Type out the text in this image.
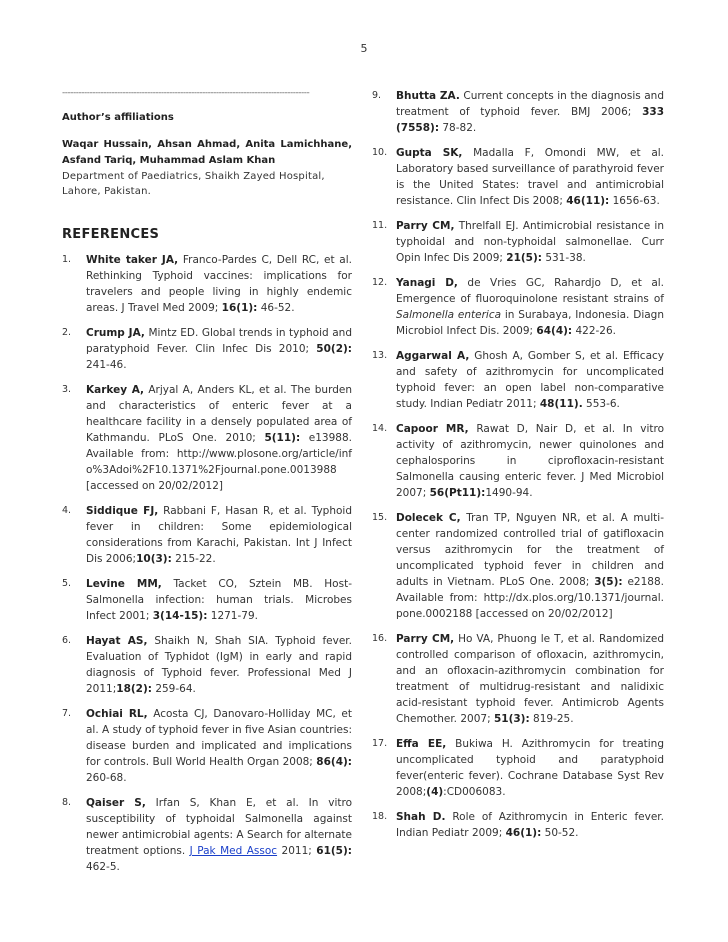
5
------------------------------------------------------------------------------------------
Author’s affiliations
Waqar Hussain, Ahsan Ahmad, Anita Lamichhane, Asfand Tariq, Muhammad Aslam Khan
Department of Paediatrics, Shaikh Zayed Hospital, Lahore, Pakistan.
REFERENCES
1.	White taker JA, Franco-Pardes C, Dell RC, et al. Rethinking Typhoid vaccines: implications for travelers and people living in highly endemic areas. J Travel Med 2009; 16(1): 46-52.
2.	Crump JA, Mintz ED. Global trends in typhoid and paratyphoid Fever. Clin Infec Dis 2010; 50(2): 241-46.
3.	Karkey A, Arjyal A, Anders KL, et al. The burden and characteristics of enteric fever at a healthcare facility in a densely populated area of Kathmandu. PLoS One. 2010; 5(11): e13988. Available from: http://www.plosone.org/article/info%3Adoi%2F10.1371%2Fjournal.pone.0013988 [accessed on 20/02/2012]
4.	Siddique FJ, Rabbani F, Hasan R, et al. Typhoid fever in children: Some epidemiological considerations from Karachi, Pakistan. Int J Infect Dis 2006;10(3): 215-22.
5.	Levine MM, Tacket CO, Sztein MB. Host-Salmonella infection: human trials. Microbes Infect 2001; 3(14-15): 1271-79.
6.	Hayat AS, Shaikh N, Shah SIA. Typhoid fever. Evaluation of Typhidot (IgM) in early and rapid diagnosis of Typhoid fever. Professional Med J 2011;18(2): 259-64.
7.	Ochiai RL, Acosta CJ, Danovaro-Holliday MC, et al. A study of typhoid fever in five Asian countries: disease burden and implicated and implications for controls. Bull World Health Organ 2008; 86(4): 260-68.
8.	Qaiser S, Irfan S, Khan E, et al. In vitro susceptibility of typhoidal Salmonella against newer antimicrobial agents: A Search for alternate treatment options. J Pak Med Assoc 2011; 61(5): 462-5.
9.	Bhutta ZA. Current concepts in the diagnosis and treatment of typhoid fever. BMJ 2006; 333 (7558): 78-82.
10. Gupta SK, Madalla F, Omondi MW, et al. Laboratory based surveillance of parathyroid fever is the United States: travel and antimicrobial resistance. Clin Infect Dis 2008; 46(11): 1656-63.
11. Parry CM, Threlfall EJ. Antimicrobial resistance in typhoidal and non-typhoidal salmonellae. Curr Opin Infec Dis 2009; 21(5): 531-38.
12. Yanagi D, de Vries GC, Rahardjo D, et al. Emergence of fluoroquinolone resistant strains of Salmonella enterica in Surabaya, Indonesia. Diagn Microbiol Infect Dis. 2009; 64(4): 422-26.
13. Aggarwal A, Ghosh A, Gomber S, et al. Efficacy and safety of azithromycin for uncomplicated typhoid fever: an open label non-comparative study. Indian Pediatr 2011; 48(11). 553-6.
14. Capoor MR, Rawat D, Nair D, et al. In vitro activity of azithromycin, newer quinolones and cephalosporins in ciprofloxacin-resistant Salmonella causing enteric fever. J Med Microbiol 2007; 56(Pt11):1490-94.
15. Dolecek C, Tran TP, Nguyen NR, et al. A multi-center randomized controlled trial of gatifloxacin versus azithromycin for the treatment of uncomplicated typhoid fever in children and adults in Vietnam. PLoS One. 2008; 3(5): e2188. Available from: http://dx.plos.org/10.1371/journal.pone.0002188 [accessed on 20/02/2012]
16. Parry CM, Ho VA, Phuong le T, et al. Randomized controlled comparison of ofloxacin, azithromycin, and an ofloxacin-azithromycin combination for treatment of multidrug-resistant and nalidixic acid-resistant typhoid fever. Antimicrob Agents Chemother. 2007; 51(3): 819-25.
17. Effa EE, Bukiwa H. Azithromycin for treating uncomplicated typhoid and paratyphoid fever(enteric fever). Cochrane Database Syst Rev 2008;(4):CD006083.
18. Shah D. Role of Azithromycin in Enteric fever. Indian Pediatr 2009; 46(1): 50-52.
